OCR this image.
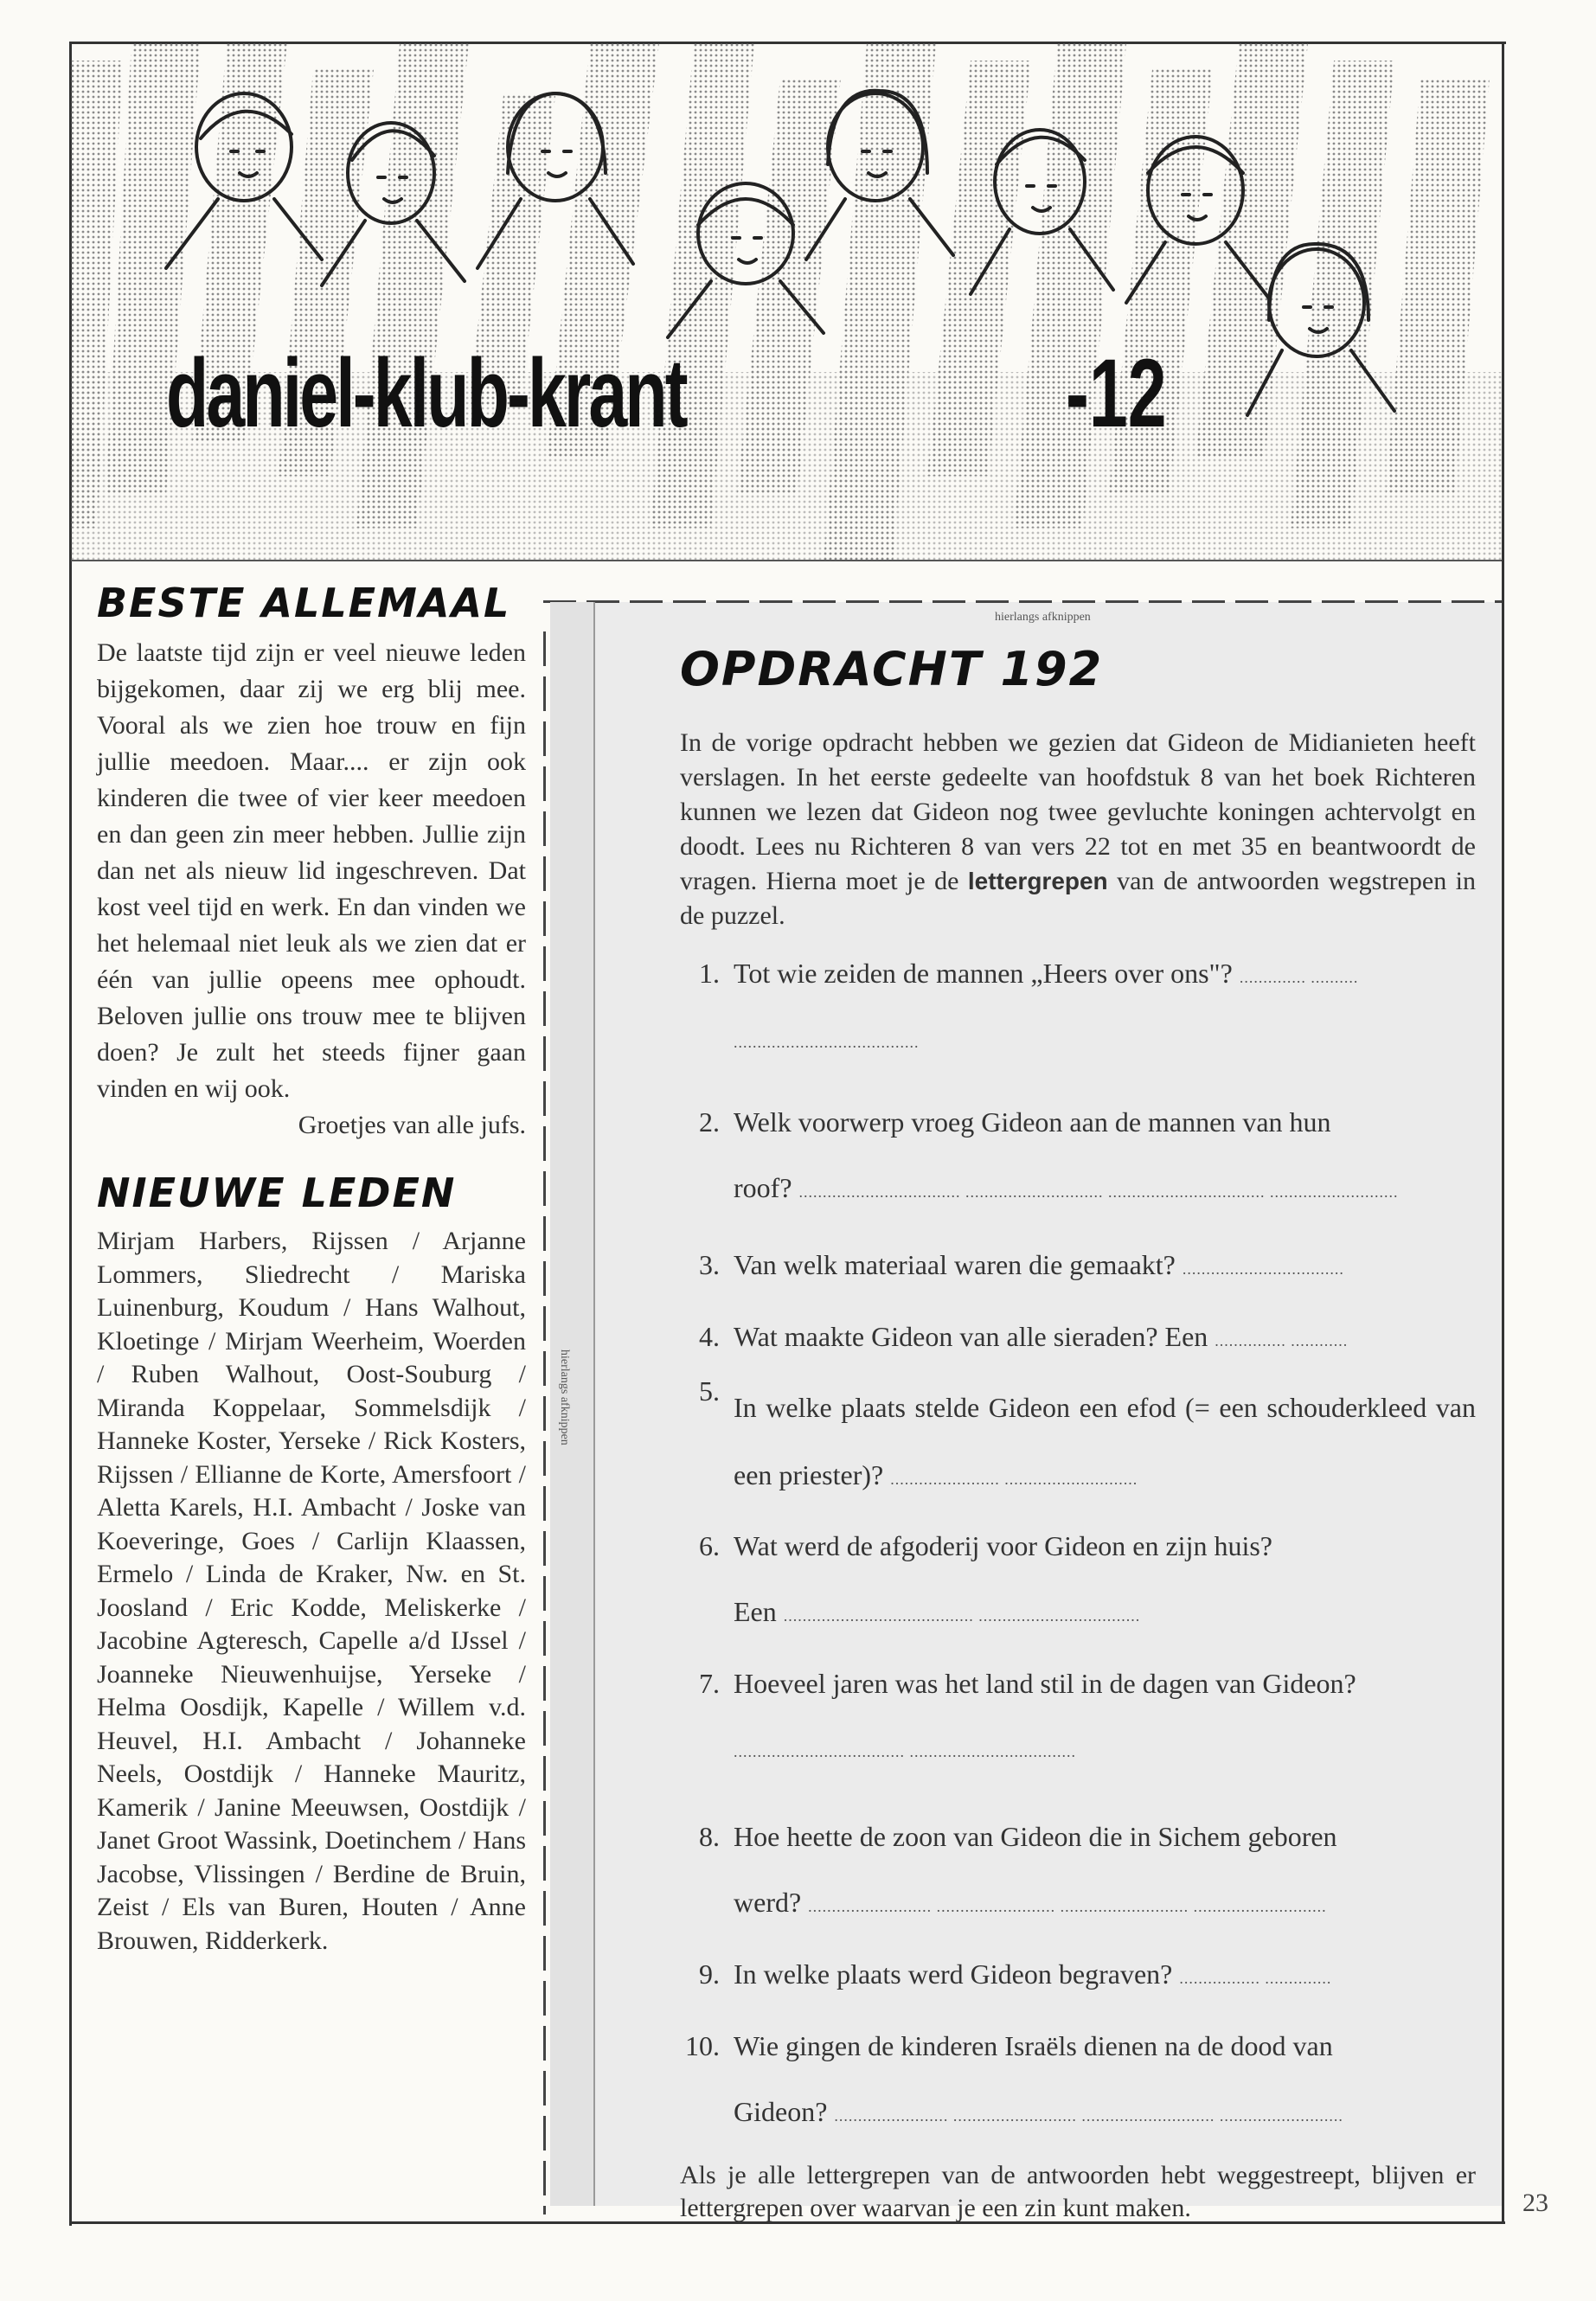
daniel-klub-krant	-12
BESTE ALLEMAAL

De laatste tijd zijn er veel nieuwe leden bijgekomen, daar zij we erg blij mee. Vooral als we zien hoe trouw en fijn jullie meedoen. Maar.... er zijn ook kinderen die twee of vier keer meedoen en dan geen zin meer hebben. Jullie zijn dan net als nieuw lid ingeschreven. Dat kost veel tijd en werk. En dan vinden we het helemaal niet leuk als we zien dat er één van jullie opeens mee ophoudt. Beloven jullie ons trouw mee te blijven doen? Je zult het steeds fijner gaan vinden en wij ook.

Groetjes van alle jufs.

NIEUWE LEDEN

Mirjam Harbers, Rijssen / Arjanne Lommers, Sliedrecht / Mariska Luinenburg, Koudum / Hans Walhout, Kloetinge / Mirjam Weerheim, Woerden / Ruben Walhout, Oost-Souburg / Miranda Koppelaar, Sommelsdijk / Hanneke Koster, Yerseke / Rick Kosters, Rijssen / Ellianne de Korte, Amersfoort / Aletta Karels, H.I. Ambacht / Joske van Koeveringe, Goes / Carlijn Klaassen, Ermelo / Linda de Kraker, Nw. en St. Joosland / Eric Kodde, Meliskerke / Jacobine Agteresch, Capelle a/d IJssel / Joanneke Nieuwenhuijse, Yerseke / Helma Oosdijk, Kapelle / Willem v.d. Heuvel, H.I. Ambacht / Johanneke Neels, Oostdijk / Hanneke Mauritz, Kamerik / Janine Meeuwsen, Oostdijk / Janet Groot Wassink, Doetinchem / Hans Jacobse, Vlissingen / Berdine de Bruin, Zeist / Els van Buren, Houten / Anne Brouwen, Ridderkerk.

hierlangs afknippen
hierlangs afknippen
OPDRACHT 192

In de vorige opdracht hebben we gezien dat Gideon de Midianieten heeft verslagen. In het eerste gedeelte van hoofdstuk 8 van het boek Richteren kunnen we lezen dat Gideon nog twee gevluchte koningen achtervolgt en doodt. Lees nu Richteren 8 van vers 22 tot en met 35 en beantwoordt de vragen. Hierna moet je de lettergrepen van de antwoorden wegstrepen in de puzzel.

1. Tot wie zeiden de mannen „Heers over ons"? .............. ..........
.......................................
2. Welk voorwerp vroeg Gideon aan de mannen van hun
roof? .................................. ............................. ................................. ...........................
3. Van welk materiaal waren die gemaakt? ..................................
4. Wat maakte Gideon van alle sieraden? Een ............... ............
5.
In welke plaats stelde Gideon een efod (= een schouderkleed van een priester)? ....................... ............................
6. Wat werd de afgoderij voor Gideon en zijn huis?
Een ........................................ ..................................
7. Hoeveel jaren was het land stil in de dagen van Gideon?
.................................... ...................................
8. Hoe heette de zoon van Gideon die in Sichem geboren
werd? .......................... ......................... ........................... ............................
9. In welke plaats werd Gideon begraven? ................. ..............
10. Wie gingen de kinderen Israëls dienen na de dood van
Gideon? ........................ .......................... ............................ ..........................

Als je alle lettergrepen van de antwoorden hebt weggestreept, blijven er lettergrepen over waarvan je een zin kunt maken.	23
